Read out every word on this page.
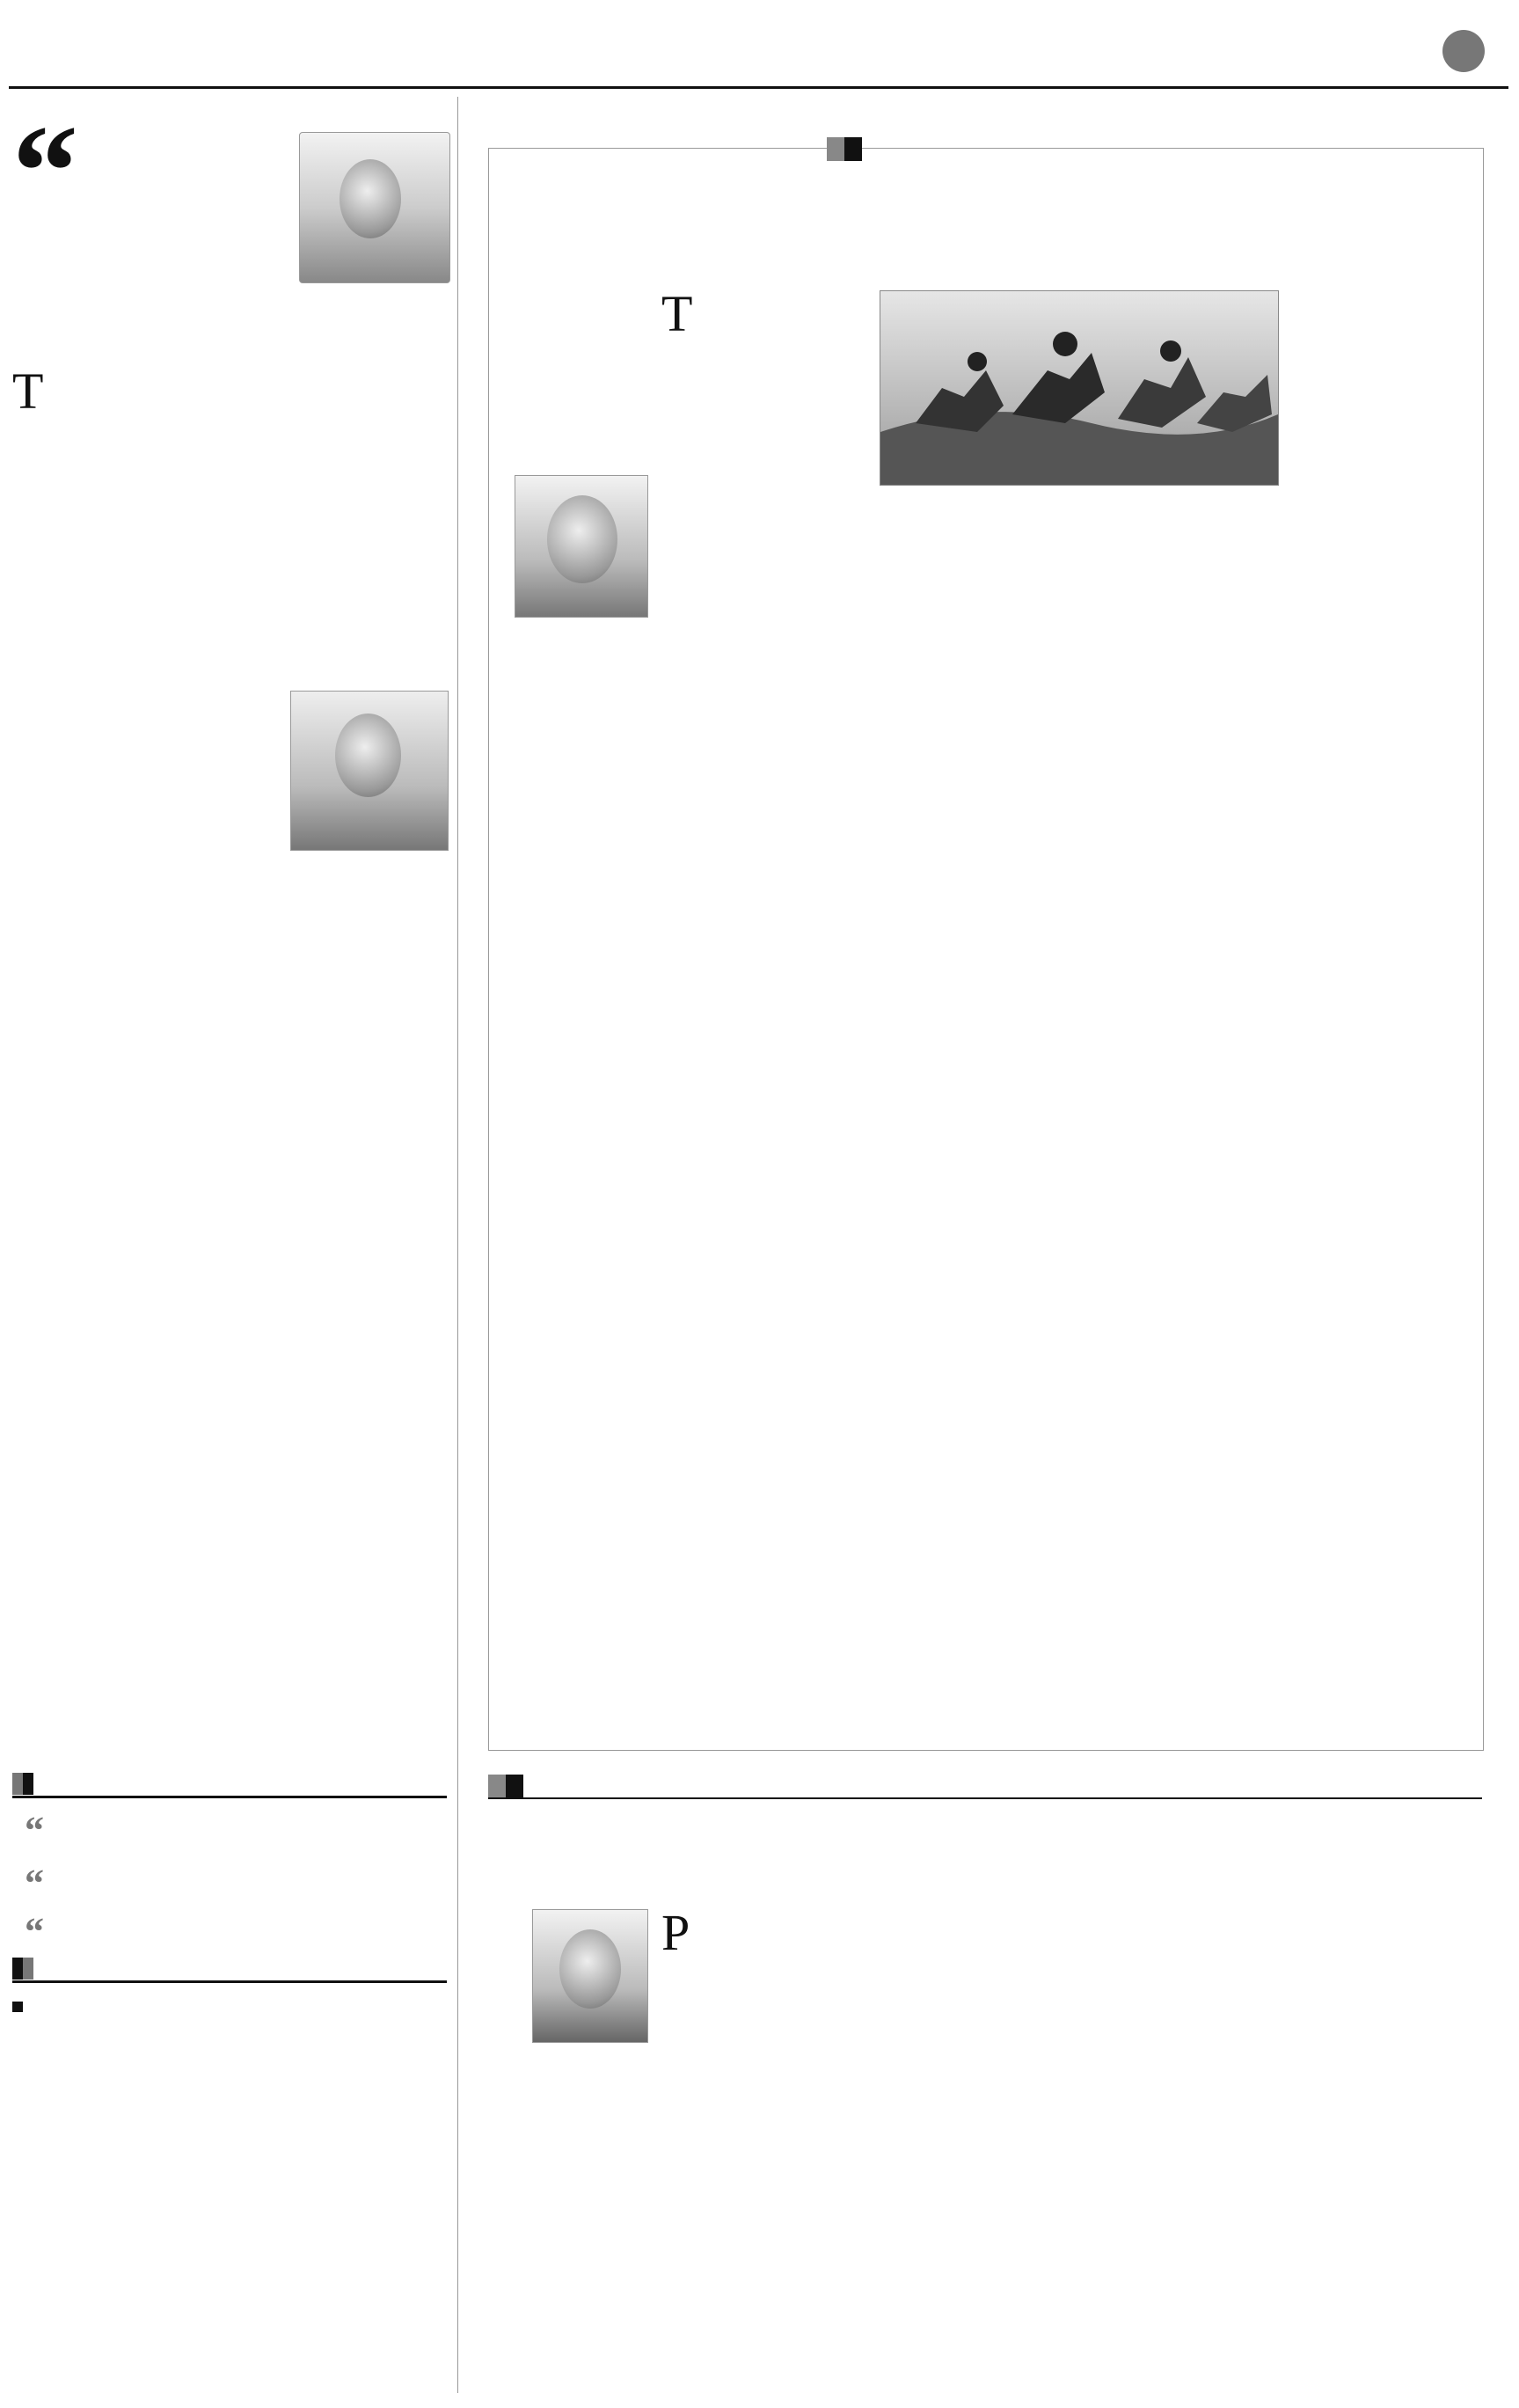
“

T

“
“
“

T

P
